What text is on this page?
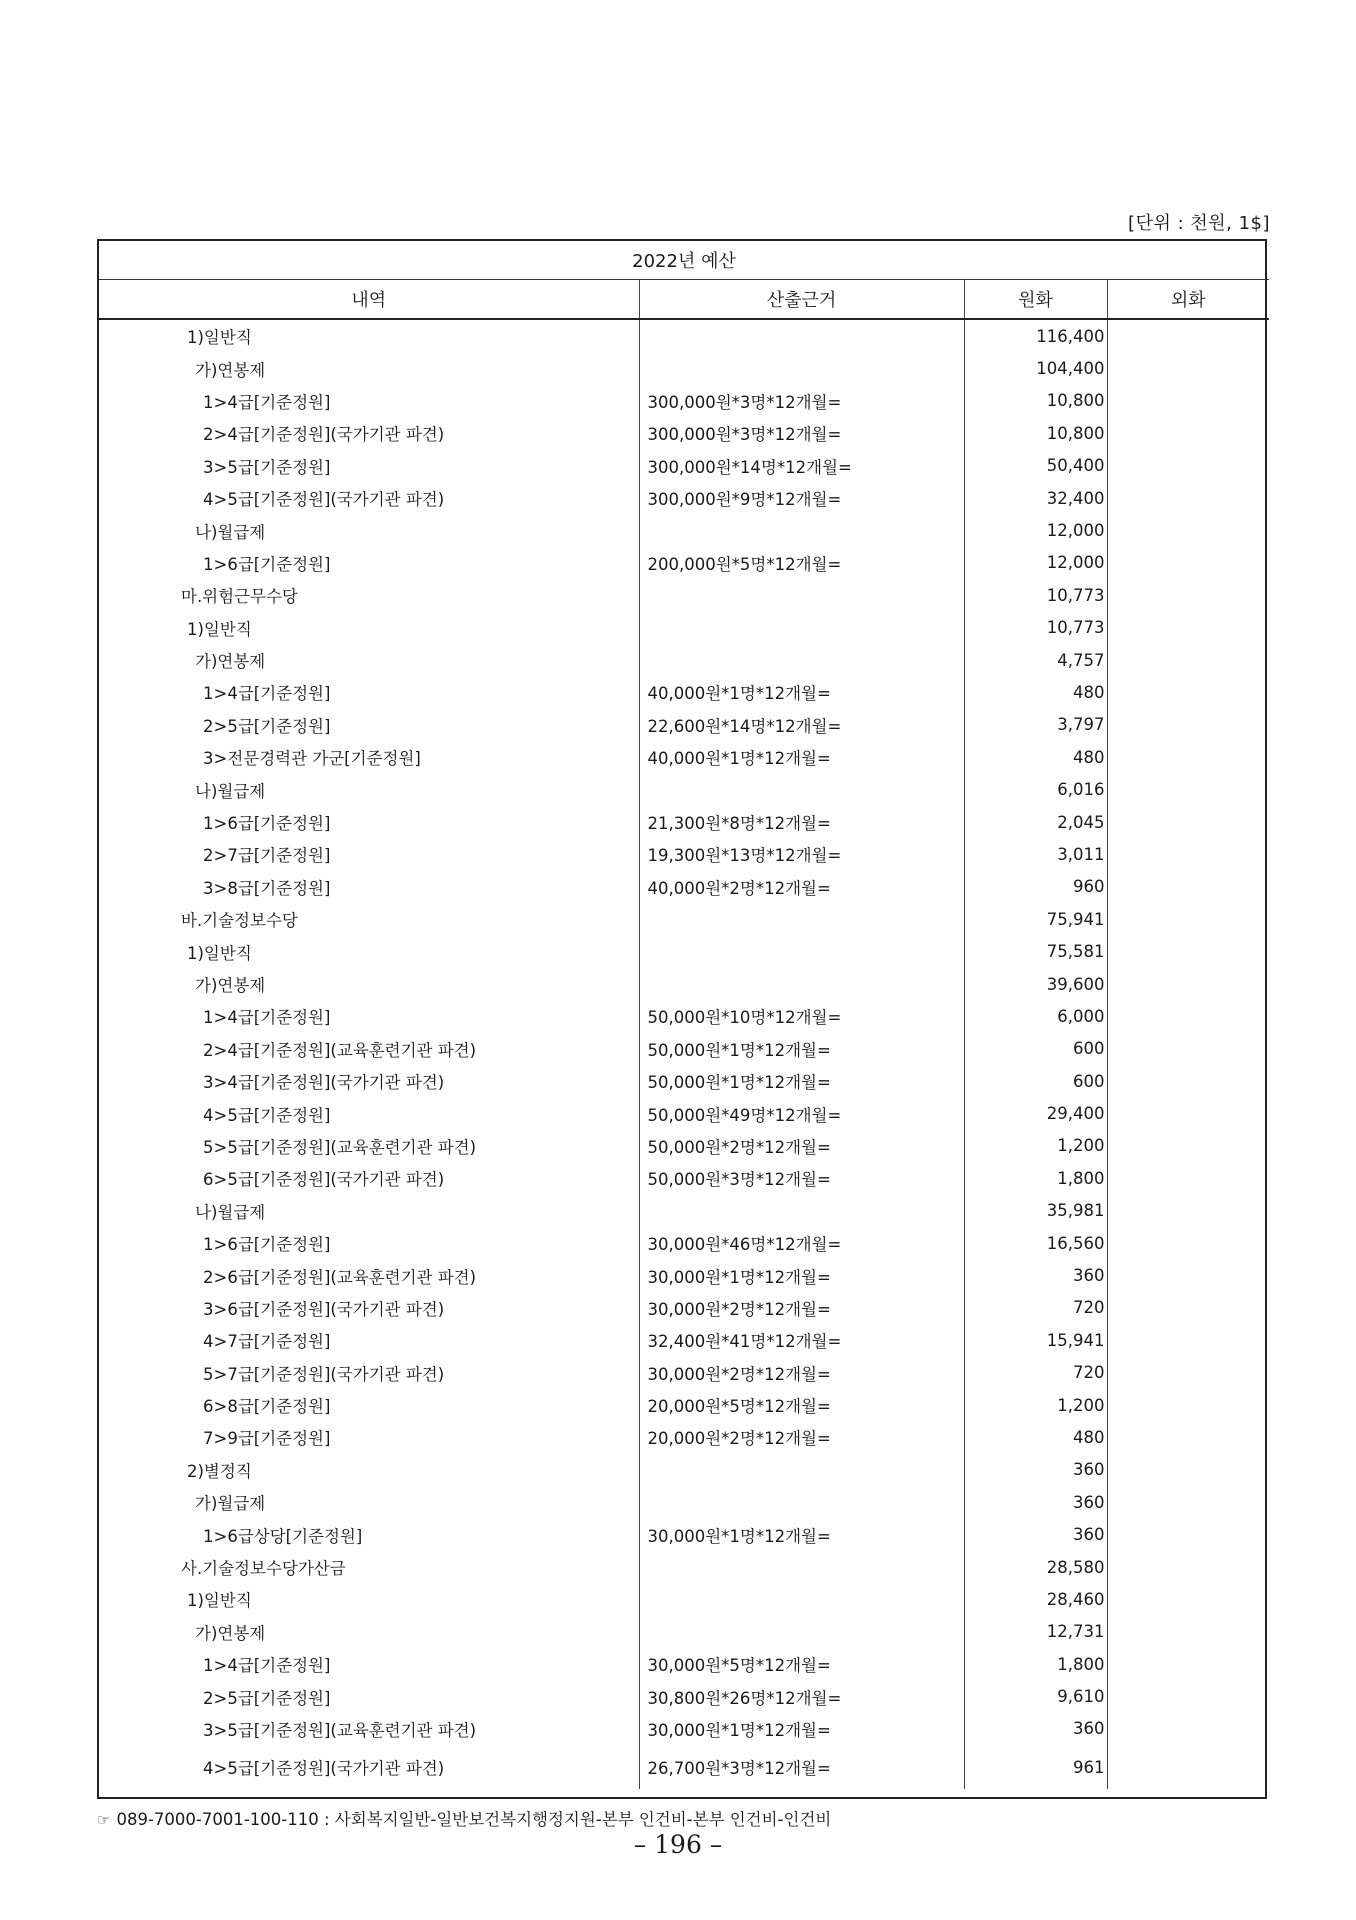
[단위 : 천원, 1$]
2022년 예산			
내역	산출근거	원화	외화
1)일반직		116,400	
가)연봉제		104,400	
1>4급[기준정원]	300,000원*3명*12개월=	10,800	
2>4급[기준정원](국가기관 파견)	300,000원*3명*12개월=	10,800	
3>5급[기준정원]	300,000원*14명*12개월=	50,400	
4>5급[기준정원](국가기관 파견)	300,000원*9명*12개월=	32,400	
나)월급제		12,000	
1>6급[기준정원]	200,000원*5명*12개월=	12,000	
마.위험근무수당		10,773	
1)일반직		10,773	
가)연봉제		4,757	
1>4급[기준정원]	40,000원*1명*12개월=	480	
2>5급[기준정원]	22,600원*14명*12개월=	3,797	
3>전문경력관 가군[기준정원]	40,000원*1명*12개월=	480	
나)월급제		6,016	
1>6급[기준정원]	21,300원*8명*12개월=	2,045	
2>7급[기준정원]	19,300원*13명*12개월=	3,011	
3>8급[기준정원]	40,000원*2명*12개월=	960	
바.기술정보수당		75,941	
1)일반직		75,581	
가)연봉제		39,600	
1>4급[기준정원]	50,000원*10명*12개월=	6,000	
2>4급[기준정원](교육훈련기관 파견)	50,000원*1명*12개월=	600	
3>4급[기준정원](국가기관 파견)	50,000원*1명*12개월=	600	
4>5급[기준정원]	50,000원*49명*12개월=	29,400	
5>5급[기준정원](교육훈련기관 파견)	50,000원*2명*12개월=	1,200	
6>5급[기준정원](국가기관 파견)	50,000원*3명*12개월=	1,800	
나)월급제		35,981	
1>6급[기준정원]	30,000원*46명*12개월=	16,560	
2>6급[기준정원](교육훈련기관 파견)	30,000원*1명*12개월=	360	
3>6급[기준정원](국가기관 파견)	30,000원*2명*12개월=	720	
4>7급[기준정원]	32,400원*41명*12개월=	15,941	
5>7급[기준정원](국가기관 파견)	30,000원*2명*12개월=	720	
6>8급[기준정원]	20,000원*5명*12개월=	1,200	
7>9급[기준정원]	20,000원*2명*12개월=	480	
2)별정직		360	
가)월급제		360	
1>6급상당[기준정원]	30,000원*1명*12개월=	360	
사.기술정보수당가산금		28,580	
1)일반직		28,460	
가)연봉제		12,731	
1>4급[기준정원]	30,000원*5명*12개월=	1,800	
2>5급[기준정원]	30,800원*26명*12개월=	9,610	
3>5급[기준정원](교육훈련기관 파견)	30,000원*1명*12개월=	360	
4>5급[기준정원](국가기관 파견)	26,700원*3명*12개월=	961	
☞ 089-7000-7001-100-110 : 사회복지일반-일반보건복지행정지원-본부 인건비-본부 인건비-인건비
– 196 –
